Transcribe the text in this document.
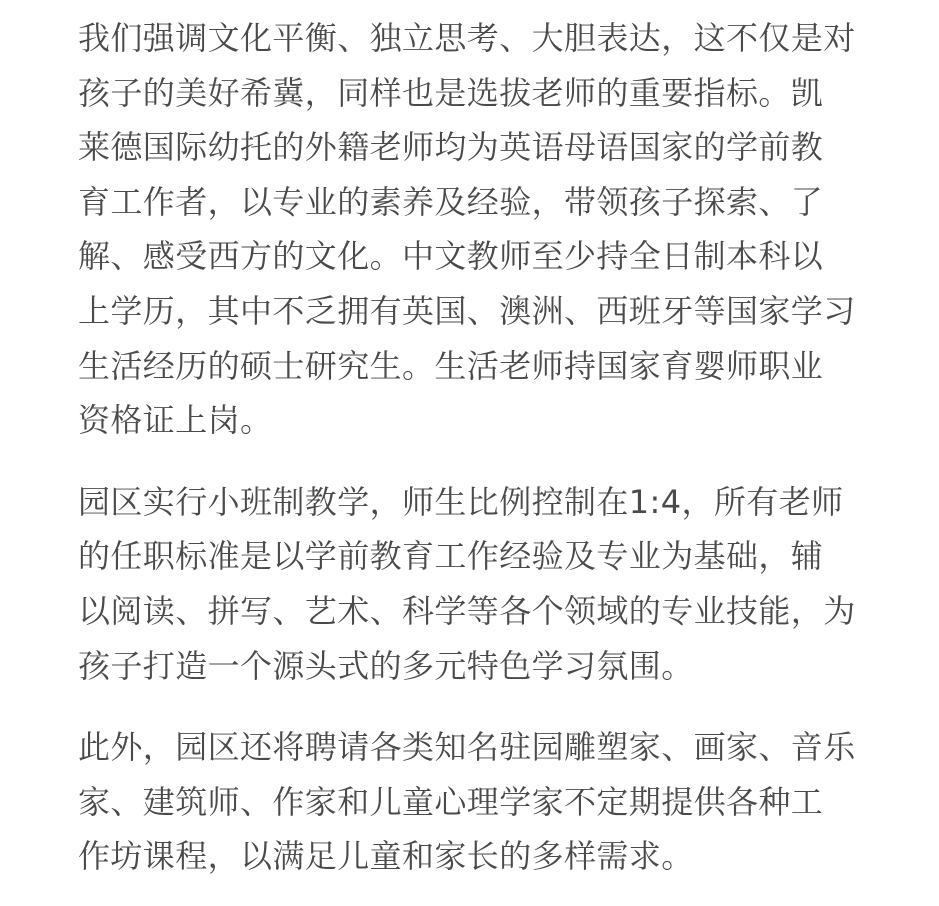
我们强调文化平衡、独立思考、大胆表达，这不仅是对
孩子的美好希冀，同样也是选拔老师的重要指标。凯
莱德国际幼托的外籍老师均为英语母语国家的学前教
育工作者，以专业的素养及经验，带领孩子探索、了
解、感受西方的文化。中文教师至少持全日制本科以
上学历，其中不乏拥有英国、澳洲、西班牙等国家学习
生活经历的硕士研究生。生活老师持国家育婴师职业
资格证上岗。

园区实行小班制教学，师生比例控制在1:4，所有老师
的任职标准是以学前教育工作经验及专业为基础，辅
以阅读、拼写、艺术、科学等各个领域的专业技能，为
孩子打造一个源头式的多元特色学习氛围。

此外，园区还将聘请各类知名驻园雕塑家、画家、音乐
家、建筑师、作家和儿童心理学家不定期提供各种工
作坊课程，以满足儿童和家长的多样需求。
